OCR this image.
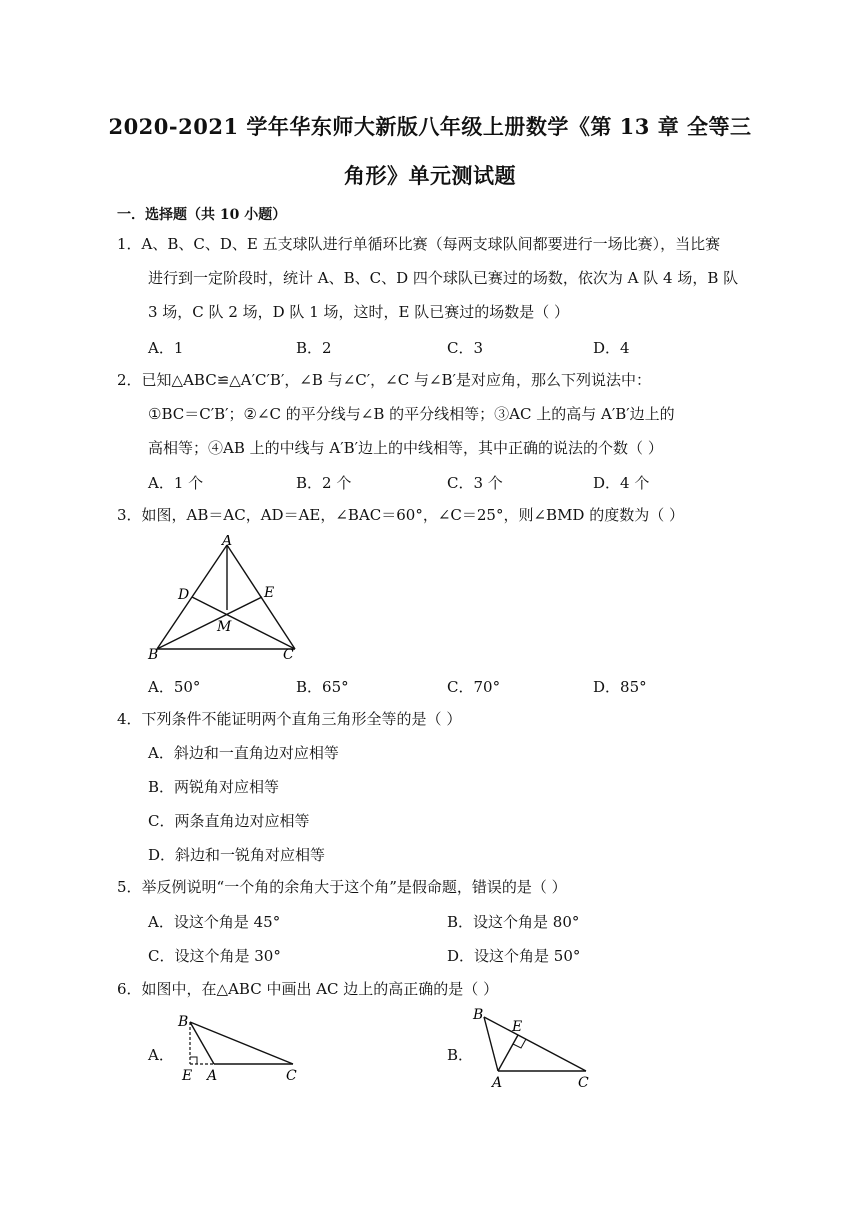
2020-2021 学年华东师大新版八年级上册数学《第 13 章 全等三
角形》单元测试题
一．选择题（共 10 小题）
1．A、B、C、D、E 五支球队进行单循环比赛（每两支球队间都要进行一场比赛），当比赛
进行到一定阶段时，统计 A、B、C、D 四个球队已赛过的场数，依次为 A 队 4 场，B 队
3 场，C 队 2 场，D 队 1 场，这时，E 队已赛过的场数是（ ）
A．1	B．2	C．3	D．4
2．已知△ABC≌△A′C′B′，∠B 与∠C′，∠C 与∠B′是对应角，那么下列说法中：
①BC＝C′B′；②∠C 的平分线与∠B 的平分线相等；③AC 上的高与 A′B′边上的
高相等；④AB 上的中线与 A′B′边上的中线相等，其中正确的说法的个数（ ）
A．1 个	B．2 个	C．3 个	D．4 个
3．如图，AB＝AC，AD＝AE，∠BAC＝60°，∠C＝25°，则∠BMD 的度数为（ ）
A
D	E
M
B	C
A．50°	B．65°	C．70°	D．85°
4．下列条件不能证明两个直角三角形全等的是（ ）
A．斜边和一直角边对应相等
B．两锐角对应相等
C．两条直角边对应相等
D．斜边和一锐角对应相等
5．举反例说明“一个角的余角大于这个角”是假命题，错误的是（ ）
A．设这个角是 45°	B．设这个角是 80°
C．设这个角是 30°	D．设这个角是 50°
6．如图中，在△ABC 中画出 AC 边上的高正确的是（ ）
A．
B
E A	C
B．
B
E
A	C
